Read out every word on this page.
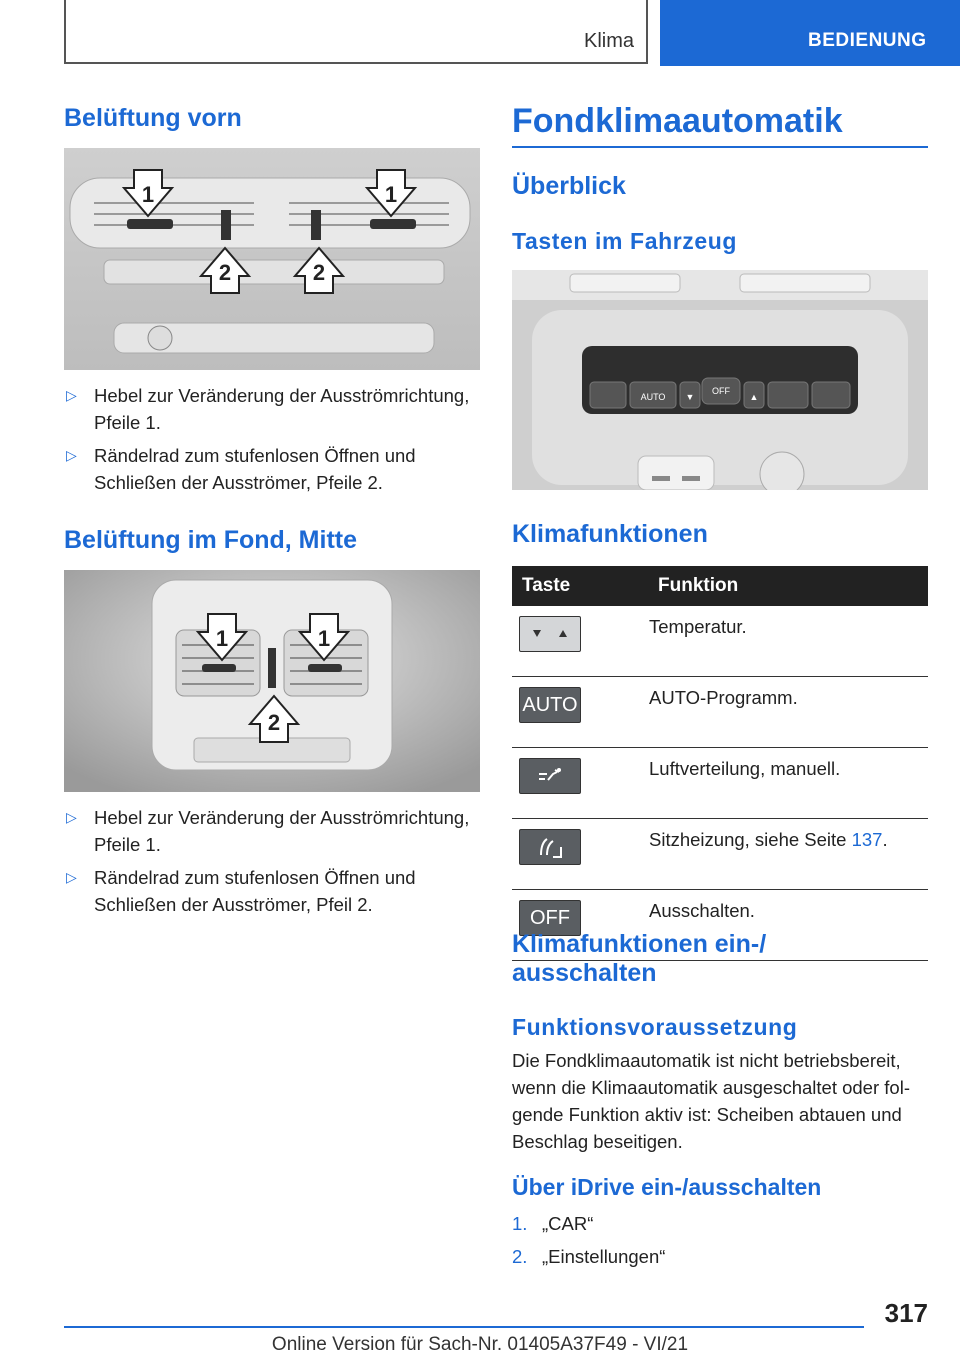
Klima	BEDIENUNG
Belüftung vorn
1	1
2	2
▷ Hebel zur Veränderung der Ausströmrichtung, Pfeile 1.
▷ Rändelrad zum stufenlosen Öffnen und Schließen der Ausströmer, Pfeile 2.
Belüftung im Fond, Mitte
1	1
2
▷ Hebel zur Veränderung der Ausströmrichtung, Pfeile 1.
▷ Rändelrad zum stufenlosen Öffnen und Schließen der Ausströmer, Pfeil 2.
Fondklimaautomatik
Überblick
Tasten im Fahrzeug
AUTO
OFF
▼	▲
Klimafunktionen
Taste	Funktion

	Temperatur.

AUTO	AUTO-Programm.

	Luftverteilung, manuell.

	Sitzheizung, siehe Seite 137.

OFF	Ausschalten.
Klimafunktionen ein-/ ausschalten
Funktionsvoraussetzung
Die Fondklimaautomatik ist nicht betriebsbereit, wenn die Klimaautomatik ausgeschaltet oder folgende Funktion aktiv ist: Scheiben abtauen und Beschlag beseitigen.
Über iDrive ein-/ausschalten
1. „CAR“
2. „Einstellungen“
317
Online Version für Sach-Nr. 01405A37F49 - VI/21
